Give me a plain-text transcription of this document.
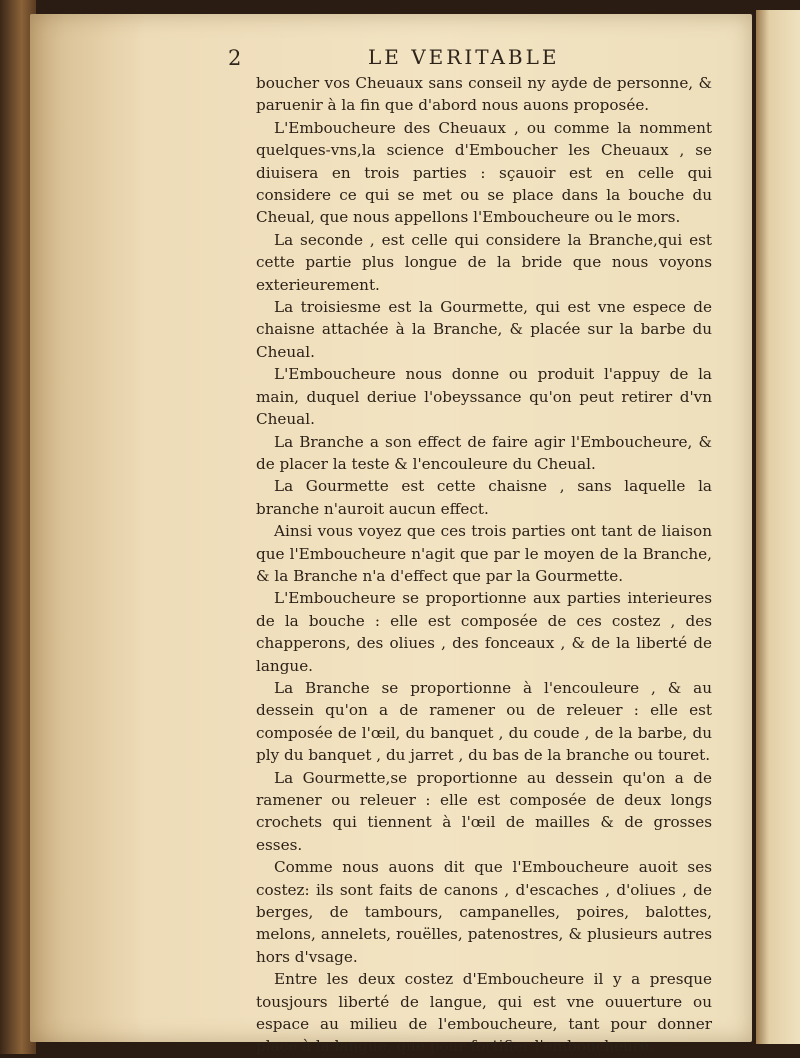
2	LE VERITABLE

boucher vos Cheuaux sans conseil ny ayde de personne, & paruenir à la fin que d'abord nous auons proposée.

L'Emboucheure des Cheuaux , ou comme la nomment quelques-vns,la science d'Emboucher les Cheuaux , se diuisera en trois parties : sçauoir est en celle qui considere ce qui se met ou se place dans la bouche du Cheual, que nous appellons l'Emboucheure ou le mors.

La seconde , est celle qui considere la Branche,qui est cette partie plus longue de la bride que nous voyons exterieurement.

La troisiesme est la Gourmette, qui est vne espece de chaisne attachée à la Branche, & placée sur la barbe du Cheual.

L'Emboucheure nous donne ou produit l'appuy de la main, duquel deriue l'obeyssance qu'on peut retirer d'vn Cheual.

La Branche a son effect de faire agir l'Emboucheure, & de placer la teste & l'encouleure du Cheual.

La Gourmette est cette chaisne , sans laquelle la branche n'auroit aucun effect.

Ainsi vous voyez que ces trois parties ont tant de liaison que l'Emboucheure n'agit que par le moyen de la Branche, & la Branche n'a d'effect que par la Gourmette.

L'Emboucheure se proportionne aux parties interieures de la bouche : elle est composée de ces costez , des chapperons, des oliues , des fonceaux , & de la liberté de langue.

La Branche se proportionne à l'encouleure , & au dessein qu'on a de ramener ou de releuer : elle est composée de l'œil, du banquet , du coude , de la barbe, du ply du banquet , du jarret , du bas de la branche ou touret.

La Gourmette,se proportionne au dessein qu'on a de ramener ou releuer : elle est composée de deux longs crochets qui tiennent à l'œil de mailles & de grosses esses.

Comme nous auons dit que l'Emboucheure auoit ses costez: ils sont faits de canons , d'escaches , d'oliues , de berges, de tambours, campanelles, poires, balottes, melons, annelets, rouëlles, patenostres, & plusieurs autres hors d'vsage.

Entre les deux costez d'Emboucheure il y a presque tousjours liberté de langue, qui est vne ouuerture ou espace au milieu de l'emboucheure, tant pour donner place à la langue, que pour fortifier l'emboucheure.
